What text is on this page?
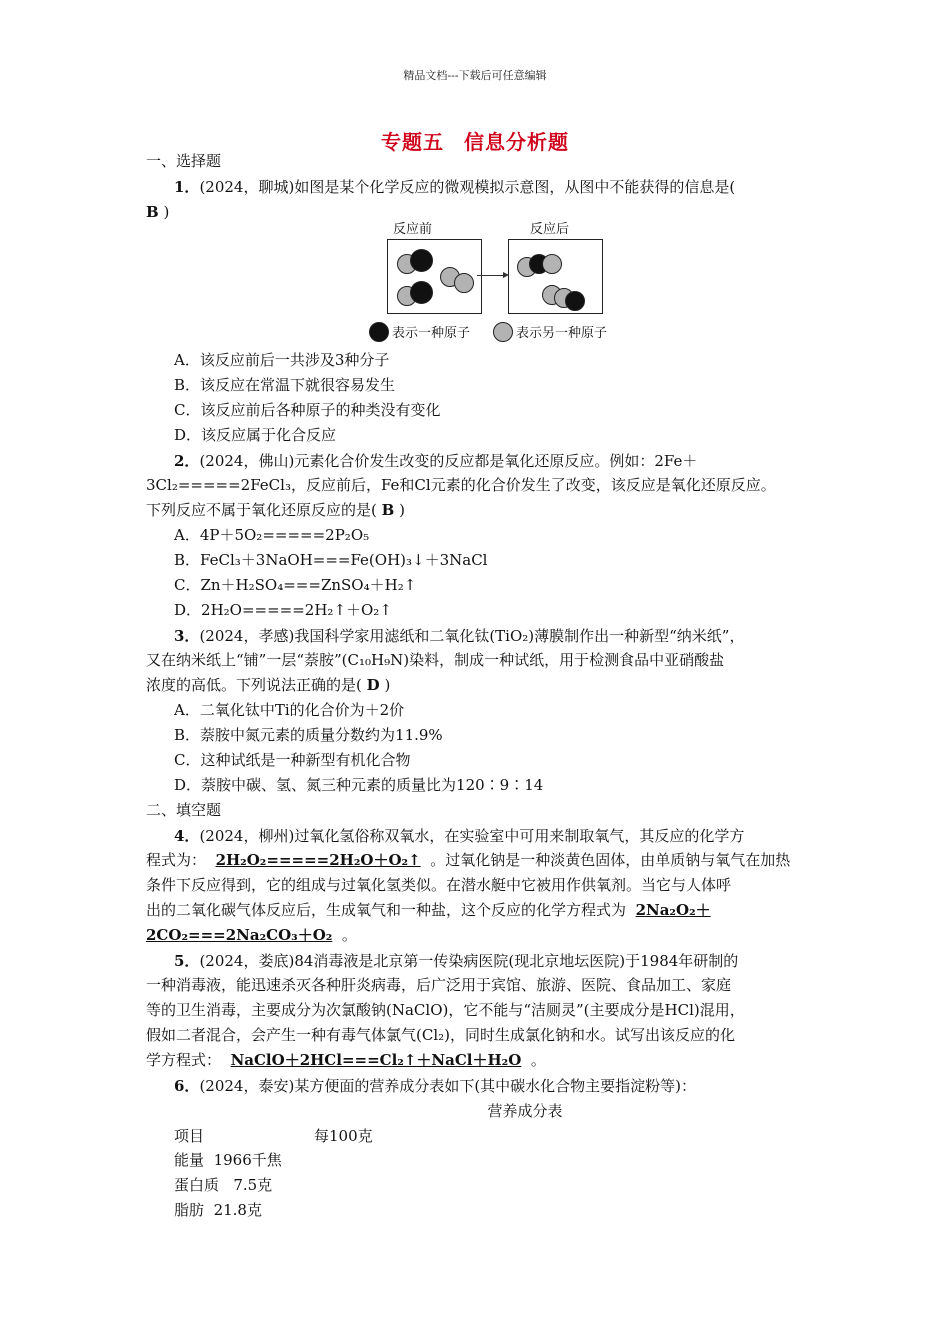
精品文档---下载后可任意编辑
专题五 信息分析题
一、选择题
1．(2024，聊城)如图是某个化学反应的微观模拟示意图，从图中不能获得的信息是(
B )
反应前	反应后
表示一种原子	表示另一种原子
A．该反应前后一共涉及3种分子
B．该反应在常温下就很容易发生
C．该反应前后各种原子的种类没有变化
D．该反应属于化合反应
2．(2024，佛山)元素化合价发生改变的反应都是氧化还原反应。例如：2Fe＋
3Cl₂=====2FeCl₃，反应前后，Fe和Cl元素的化合价发生了改变，该反应是氧化还原反应。
下列反应不属于氧化还原反应的是( B )
A．4P＋5O₂=====2P₂O₅
B．FeCl₃＋3NaOH===Fe(OH)₃↓＋3NaCl
C．Zn＋H₂SO₄===ZnSO₄＋H₂↑
D．2H₂O=====2H₂↑＋O₂↑
3．(2024，孝感)我国科学家用滤纸和二氧化钛(TiO₂)薄膜制作出一种新型“纳米纸”，
又在纳米纸上“铺”一层“萘胺”(C₁₀H₉N)染料，制成一种试纸，用于检测食品中亚硝酸盐
浓度的高低。下列说法正确的是( D )
A．二氧化钛中Ti的化合价为＋2价
B．萘胺中氮元素的质量分数约为11.9%
C．这种试纸是一种新型有机化合物
D．萘胺中碳、氢、氮三种元素的质量比为120∶9∶14
二、填空题
4．(2024，柳州)过氧化氢俗称双氧水，在实验室中可用来制取氧气，其反应的化学方
程式为： 2H₂O₂=====2H₂O＋O₂↑ 。过氧化钠是一种淡黄色固体，由单质钠与氧气在加热
条件下反应得到，它的组成与过氧化氢类似。在潜水艇中它被用作供氧剂。当它与人体呼
出的二氧化碳气体反应后，生成氧气和一种盐，这个反应的化学方程式为 2Na₂O₂＋
2CO₂===2Na₂CO₃＋O₂ 。
5．(2024，娄底)84消毒液是北京第一传染病医院(现北京地坛医院)于1984年研制的
一种消毒液，能迅速杀灭各种肝炎病毒，后广泛用于宾馆、旅游、医院、食品加工、家庭
等的卫生消毒，主要成分为次氯酸钠(NaClO)，它不能与“洁厕灵”(主要成分是HCl)混用，
假如二者混合，会产生一种有毒气体氯气(Cl₂)，同时生成氯化钠和水。试写出该反应的化
学方程式： NaClO＋2HCl===Cl₂↑＋NaCl＋H₂O 。
6．(2024，泰安)某方便面的营养成分表如下(其中碳水化合物主要指淀粉等)：
营养成分表
项目	每100克
能量 1966千焦
蛋白质 7.5克
脂肪 21.8克
